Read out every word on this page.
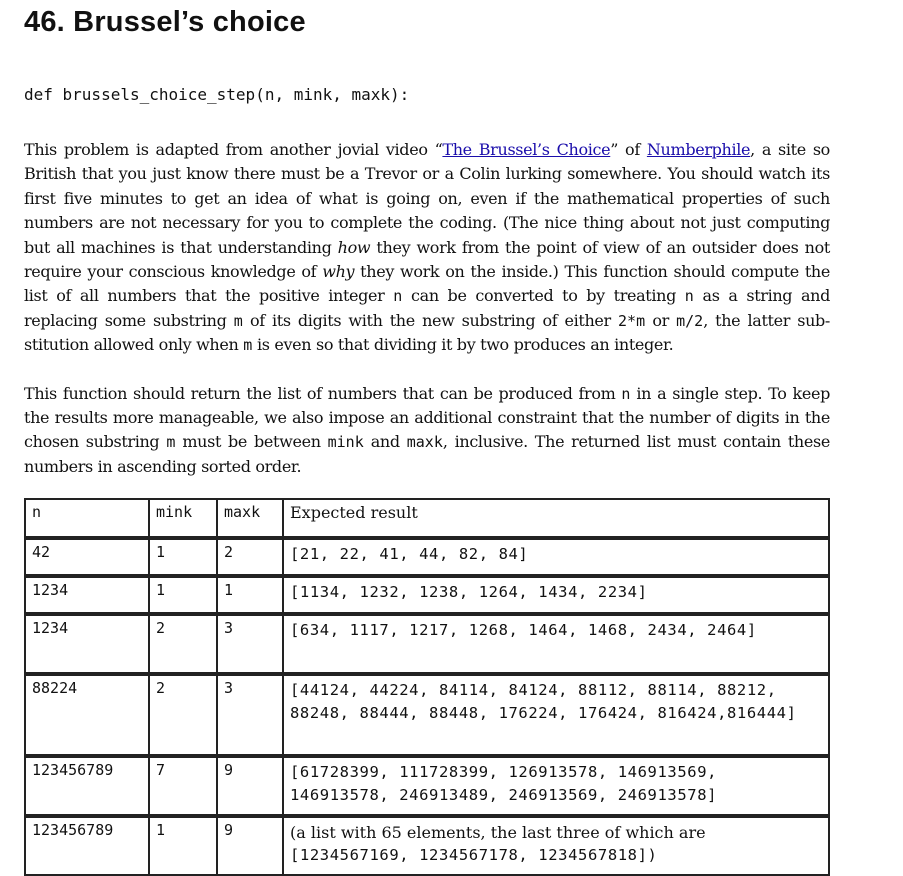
46. Brussel’s choice
def brussels_choice_step(n, mink, maxk):

This problem is adapted from another jovial video “The Brussel’s Choice” of Numberphile, a site so British that you just know there must be a Trevor or a Colin lurking somewhere. You should watch its first five minutes to get an idea of what is going on, even if the mathematical properties of such numbers are not necessary for you to complete the coding. (The nice thing about not just computing but all machines is that understanding how they work from the point of view of an outsider does not require your conscious knowledge of why they work on the inside.) This function should compute the list of all numbers that the positive integer n can be converted to by treating n as a string and replacing some substring m of its digits with the new substring of either 2*m or m/2, the latter sub-stitution allowed only when m is even so that dividing it by two produces an integer.

This function should return the list of numbers that can be produced from n in a single step. To keep the results more manageable, we also impose an additional constraint that the number of digits in the chosen substring m must be between mink and maxk, inclusive. The returned list must contain these numbers in ascending sorted order.

n	mink	maxk	Expected result

42	1	2	[21, 22, 41, 44, 82, 84]

1234	1	1	[1134, 1232, 1238, 1264, 1434, 2234]

1234	2	3	[634, 1117, 1217, 1268, 1464, 1468, 2434, 2464]

88224	2	3	[44124, 44224, 84114, 84124, 88112, 88114, 88212, 88248, 88444, 88448, 176224, 176424, 816424,816444]

123456789	7	9	[61728399, 111728399, 126913578, 146913569, 146913578, 246913489, 246913569, 246913578]

123456789	1	9	(a list with 65 elements, the last three of which are
[1234567169, 1234567178, 1234567818])
